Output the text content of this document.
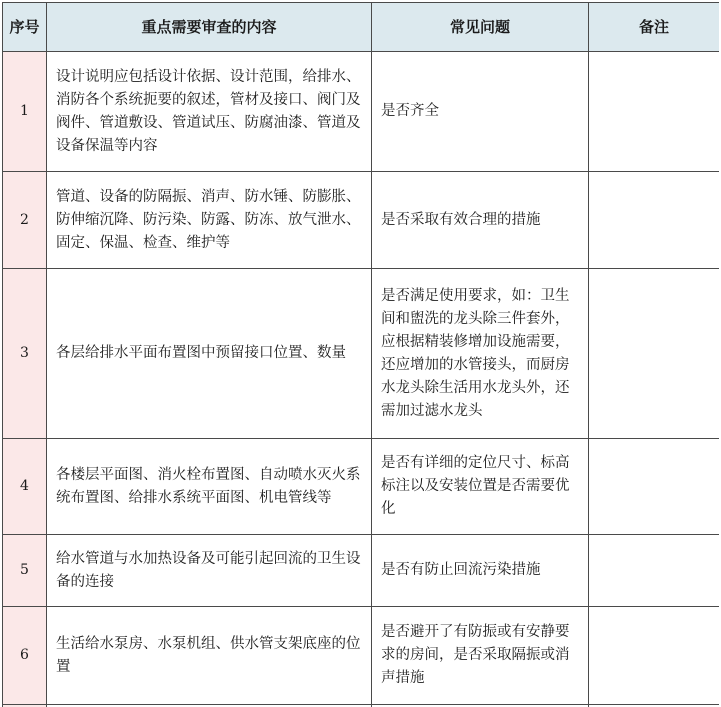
序号	重点需要审查的内容	常见问题	备注
1	设计说明应包括设计依据、设计范围，给排水、消防各个系统扼要的叙述，管材及接口、阀门及阀件、管道敷设、管道试压、防腐油漆、管道及设备保温等内容	是否齐全	
2	管道、设备的防隔振、消声、防水锤、防膨胀、防伸缩沉降、防污染、防露、防冻、放气泄水、固定、保温、检查、维护等	是否采取有效合理的措施	
3	各层给排水平面布置图中预留接口位置、数量	是否满足使用要求，如：卫生间和盥洗的龙头除三件套外，应根据精装修增加设施需要，还应增加的水管接头，而厨房水龙头除生活用水龙头外，还需加过滤水龙头	
4	各楼层平面图、消火栓布置图、自动喷水灭火系统布置图、给排水系统平面图、机电管线等	是否有详细的定位尺寸、标高标注以及安装位置是否需要优化	
5	给水管道与水加热设备及可能引起回流的卫生设备的连接	是否有防止回流污染措施	
6	生活给水泵房、水泵机组、供水管支架底座的位置	是否避开了有防振或有安静要求的房间，是否采取隔振或消声措施	
